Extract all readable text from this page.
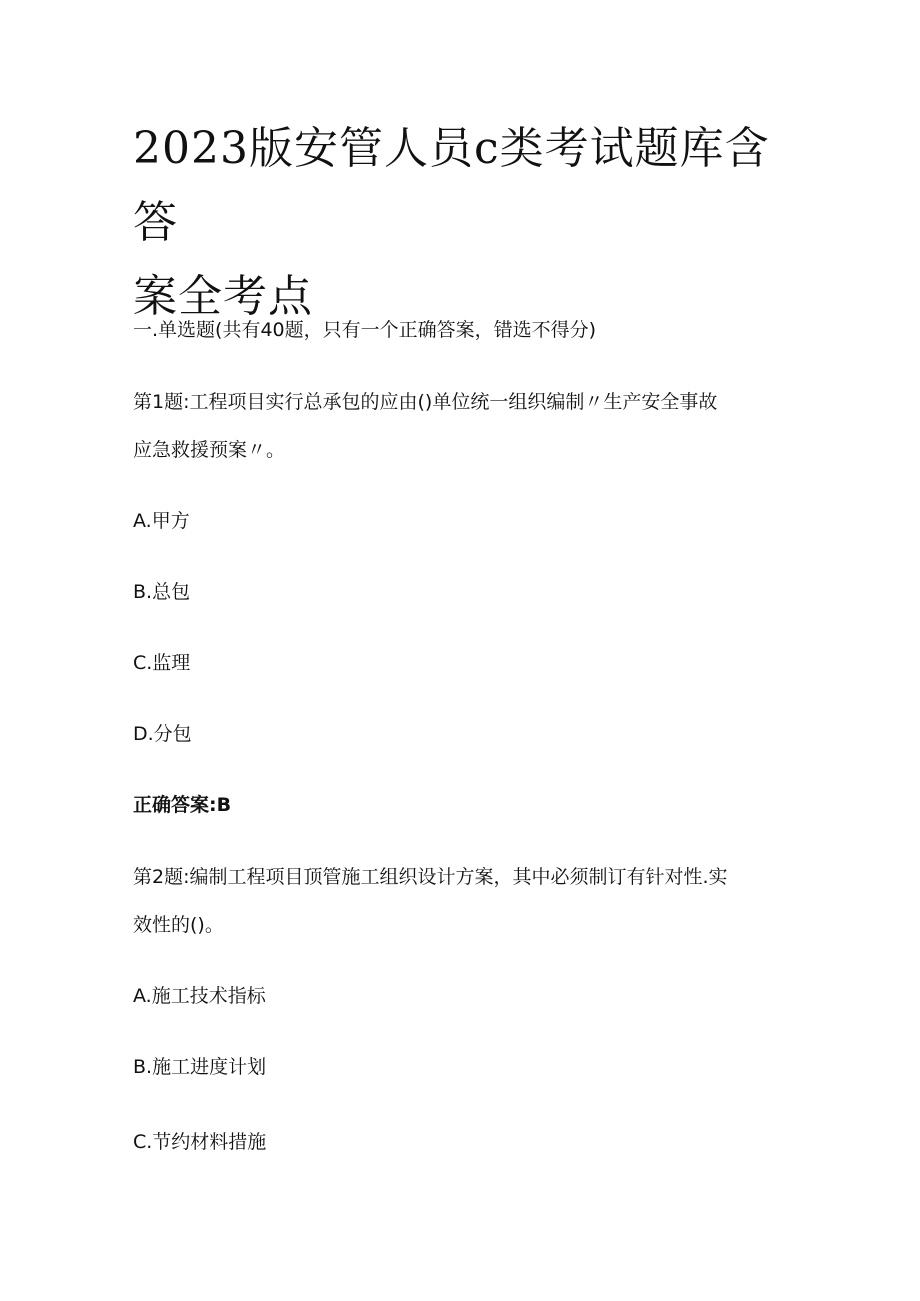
2023版安管人员c类考试题库含答
案全考点
一.单选题(共有40题，只有一个正确答案，错选不得分)
第1题:工程项目实行总承包的应由()单位统一组织编制〃生产安全事故
应急救援预案〃。
A.甲方
B.总包
C.监理
D.分包
正确答案:B
第2题:编制工程项目顶管施工组织设计方案，其中必须制订有针对性.实
效性的()。
A.施工技术指标
B.施工进度计划
C.节约材料措施
